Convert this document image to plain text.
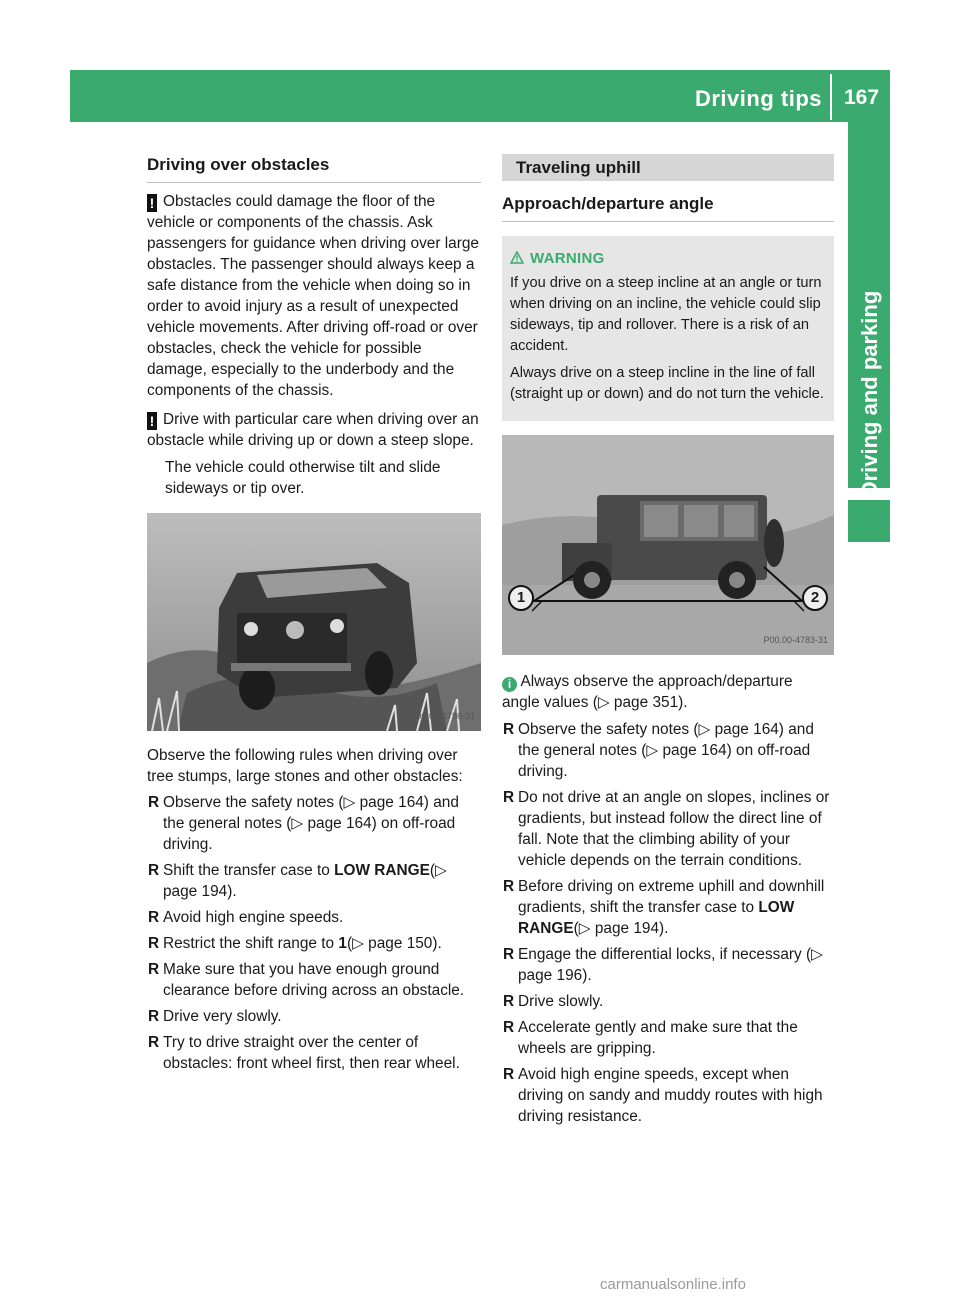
Driving tips 167
Driving and parking
Driving over obstacles

! Obstacles could damage the floor of the vehicle or components of the chassis. Ask passengers for guidance when driving over large obstacles. The passenger should always keep a safe distance from the vehicle when doing so in order to avoid injury as a result of unexpected vehicle movements. After driving off-road or over obstacles, check the vehicle for possible damage, especially to the underbody and the components of the chassis.

! Drive with particular care when driving over an obstacle while driving up or down a steep slope.

The vehicle could otherwise tilt and slide sideways or tip over.

P00.00-4786-31

Observe the following rules when driving over tree stumps, large stones and other obstacles:

R Observe the safety notes (▷ page 164) and the general notes (▷ page 164) on off-road driving.
R Shift the transfer case to LOW RANGE(▷ page 194).
R Avoid high engine speeds.
R Restrict the shift range to 1(▷ page 150).
R Make sure that you have enough ground clearance before driving across an obstacle.
R Drive very slowly.
R Try to drive straight over the center of obstacles: front wheel first, then rear wheel.
Traveling uphill
Approach/departure angle
WARNING

If you drive on a steep incline at an angle or turn when driving on an incline, the vehicle could slip sideways, tip and rollover. There is a risk of an accident.

Always drive on a steep incline in the line of fall (straight up or down) and do not turn the vehicle.

1	2
P00.00-4783-31

i Always observe the approach/departure angle values (▷ page 351).

R Observe the safety notes (▷ page 164) and the general notes (▷ page 164) on off-road driving.
R Do not drive at an angle on slopes, inclines or gradients, but instead follow the direct line of fall. Note that the climbing ability of your vehicle depends on the terrain conditions.
R Before driving on extreme uphill and downhill gradients, shift the transfer case to LOW RANGE(▷ page 194).
R Engage the differential locks, if necessary (▷ page 196).
R Drive slowly.
R Accelerate gently and make sure that the wheels are gripping.
R Avoid high engine speeds, except when driving on sandy and muddy routes with high driving resistance.
carmanualsonline.info
